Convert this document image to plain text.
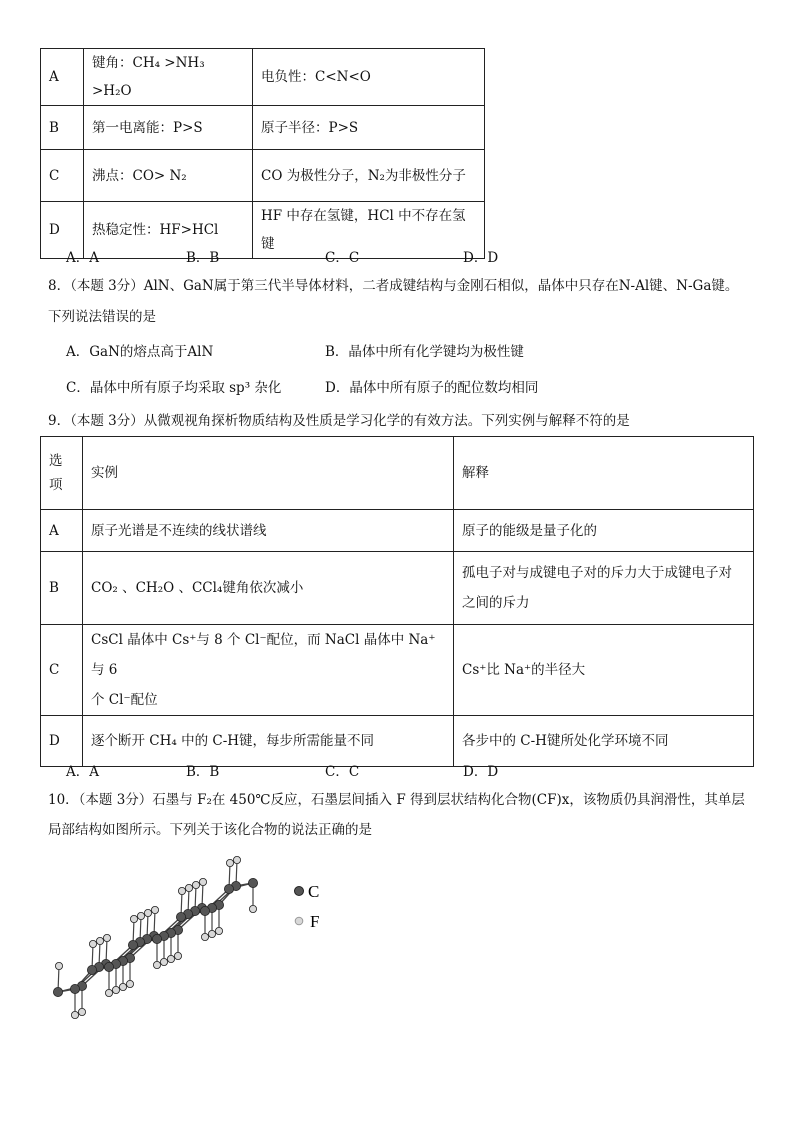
A	键角：CH₄ >NH₃ >H₂O	电负性：C<N<O
B	第一电离能：P>S	原子半径：P>S
C	沸点：CO> N₂	CO 为极性分子，N₂为非极性分子
D	热稳定性：HF>HCl	HF 中存在氢键，HCl 中不存在氢键
A．A	B．B	C．C	D．D
8．（本题 3分）AlN、GaN属于第三代半导体材料，二者成键结构与金刚石相似，晶体中只存在N-Al键、N-Ga键。
下列说法错误的是
A．GaN的熔点高于AlN	B．晶体中所有化学键均为极性键
C．晶体中所有原子均采取 sp³ 杂化	D．晶体中所有原子的配位数均相同
9．（本题 3分）从微观视角探析物质结构及性质是学习化学的有效方法。下列实例与解释不符的是
选
项	实例	解释
A	原子光谱是不连续的线状谱线	原子的能级是量子化的
B	CO₂ 、CH₂O 、CCl₄键角依次减小	孤电子对与成键电子对的斥力大于成键电子对
之间的斥力

C	CsCl 晶体中 Cs⁺与 8 个 Cl⁻配位，而 NaCl 晶体中 Na⁺与 6
个 Cl⁻配位	Cs⁺比 Na⁺的半径大
D	逐个断开 CH₄ 中的 C-H键，每步所需能量不同	各步中的 C-H键所处化学环境不同
A．A	B．B	C．C	D．D
10．（本题 3分）石墨与 F₂在 450℃反应，石墨层间插入 F 得到层状结构化合物(CF)x，该物质仍具润滑性，其单层
局部结构如图所示。下列关于该化合物的说法正确的是
C
F
